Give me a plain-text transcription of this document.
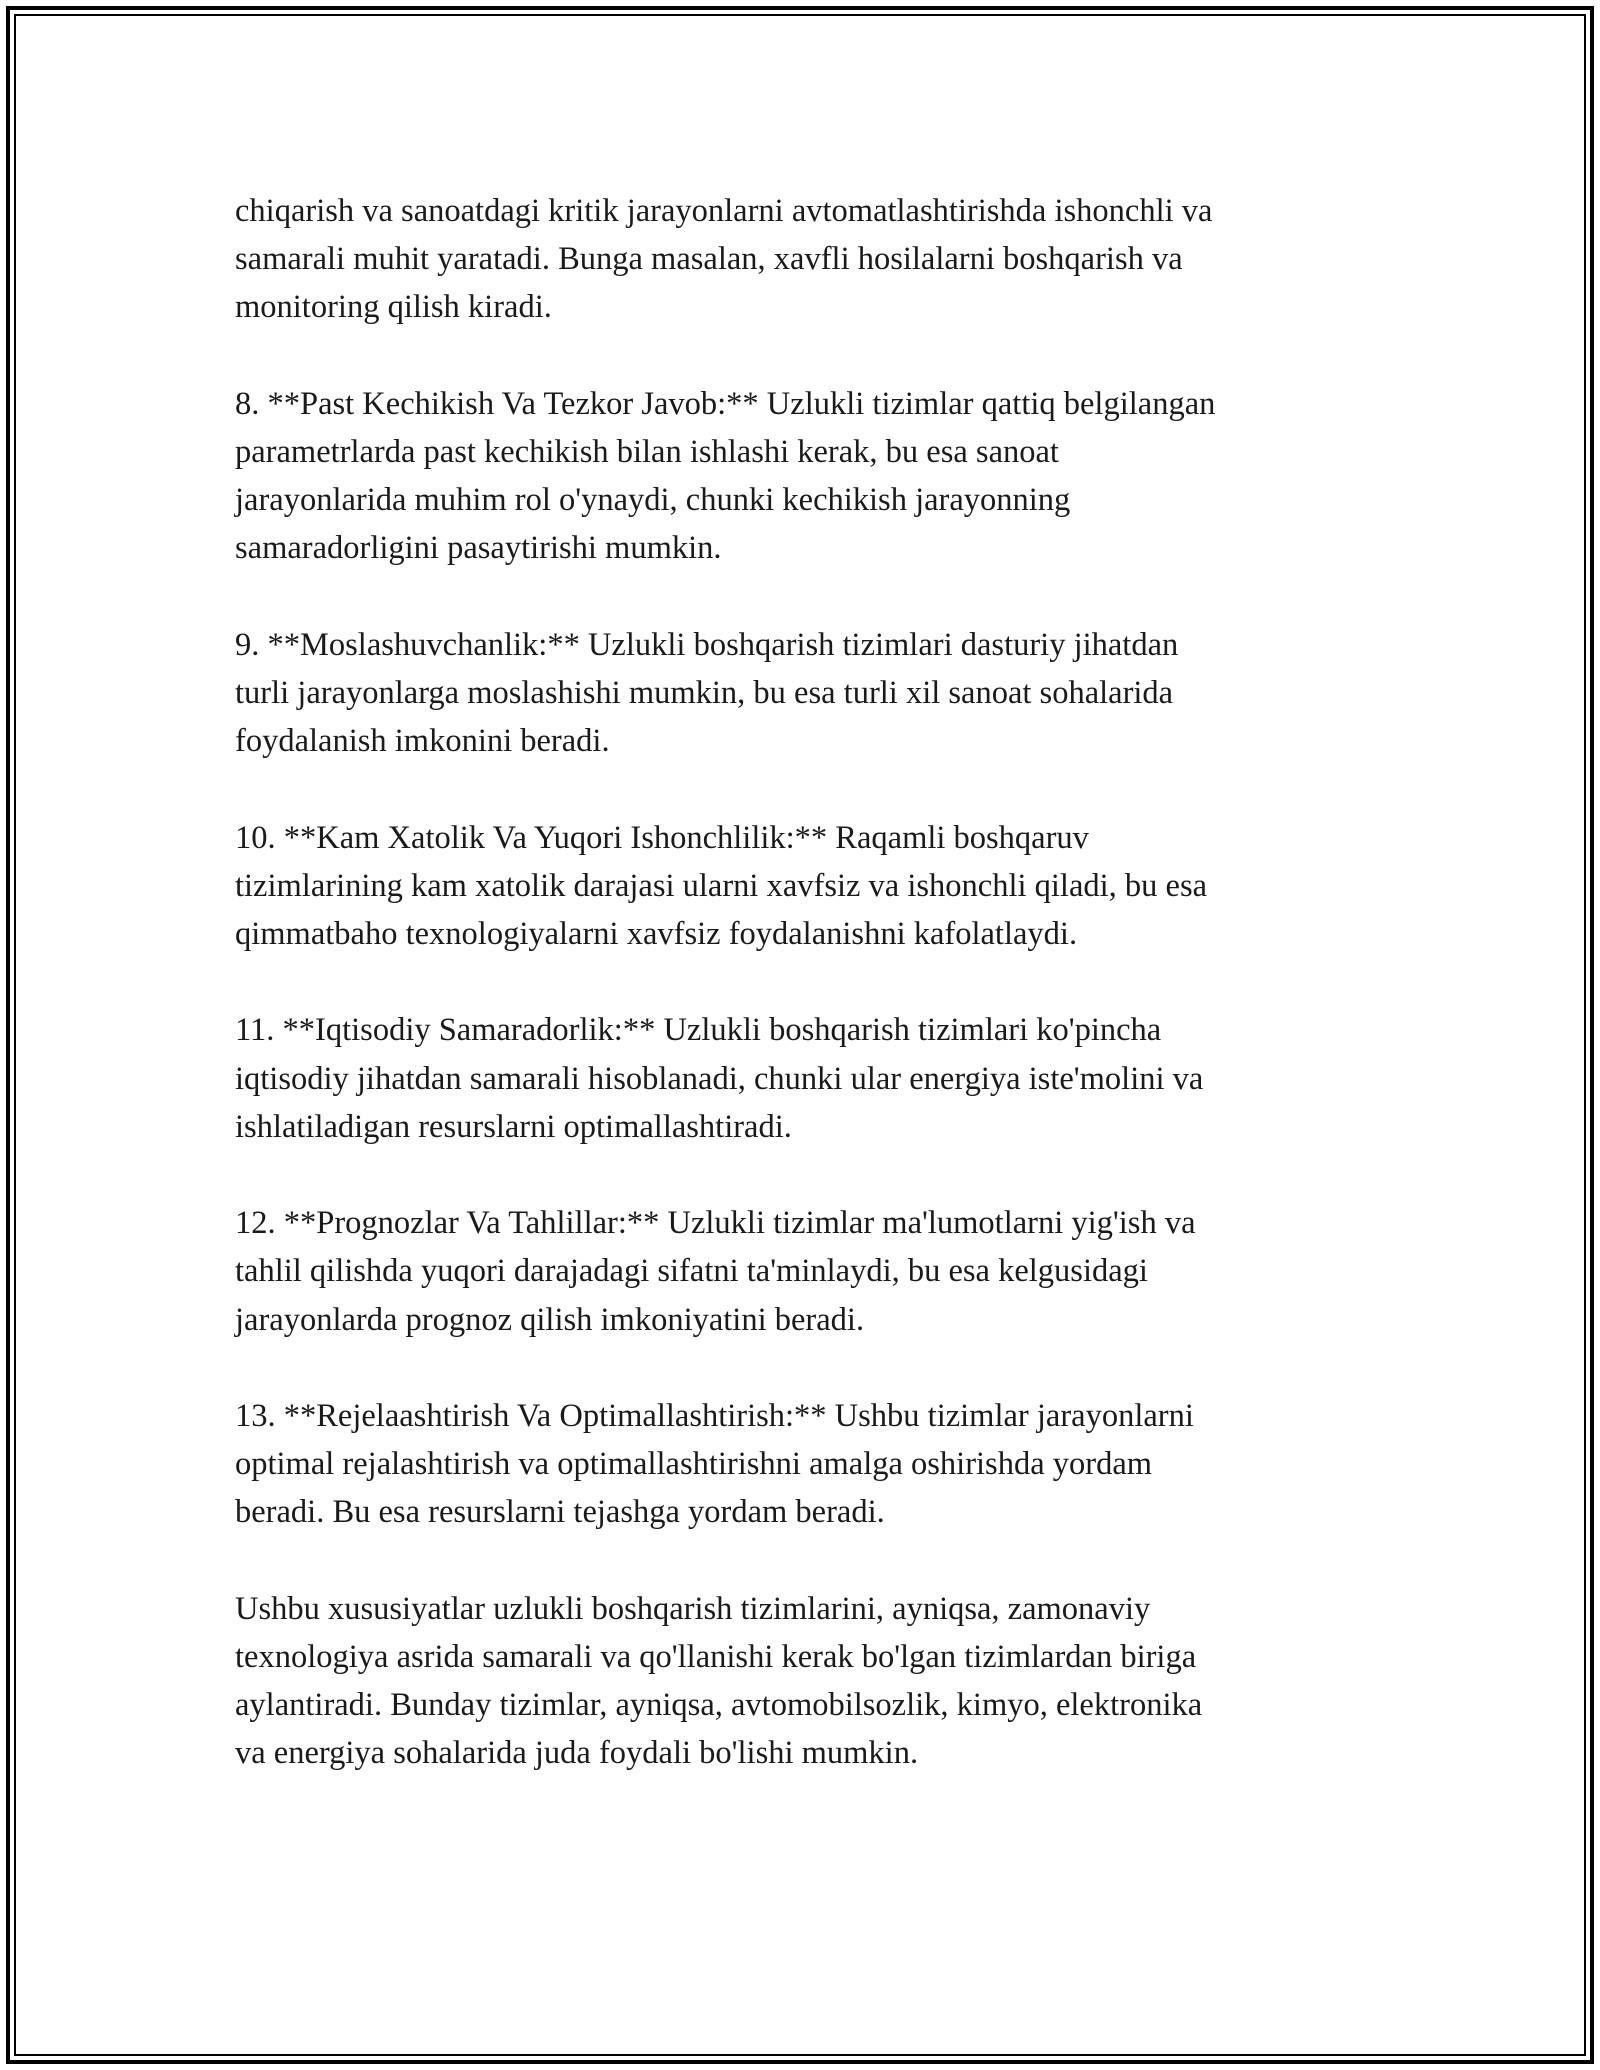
chiqarish va sanoatdagi kritik jarayonlarni avtomatlashtirishda ishonchli va
samarali muhit yaratadi. Bunga masalan, xavfli hosilalarni boshqarish va
monitoring qilish kiradi.

8. **Past Kechikish Va Tezkor Javob:** Uzlukli tizimlar qattiq belgilangan
parametrlarda past kechikish bilan ishlashi kerak, bu esa sanoat
jarayonlarida muhim rol o'ynaydi, chunki kechikish jarayonning
samaradorligini pasaytirishi mumkin.

9. **Moslashuvchanlik:** Uzlukli boshqarish tizimlari dasturiy jihatdan
turli jarayonlarga moslashishi mumkin, bu esa turli xil sanoat sohalarida
foydalanish imkonini beradi.

10. **Kam Xatolik Va Yuqori Ishonchlilik:** Raqamli boshqaruv
tizimlarining kam xatolik darajasi ularni xavfsiz va ishonchli qiladi, bu esa
qimmatbaho texnologiyalarni xavfsiz foydalanishni kafolatlaydi.

11. **Iqtisodiy Samaradorlik:** Uzlukli boshqarish tizimlari ko'pincha
iqtisodiy jihatdan samarali hisoblanadi, chunki ular energiya iste'molini va
ishlatiladigan resurslarni optimallashtiradi.

12. **Prognozlar Va Tahlillar:** Uzlukli tizimlar ma'lumotlarni yig'ish va
tahlil qilishda yuqori darajadagi sifatni ta'minlaydi, bu esa kelgusidagi
jarayonlarda prognoz qilish imkoniyatini beradi.

13. **Rejelaashtirish Va Optimallashtirish:** Ushbu tizimlar jarayonlarni
optimal rejalashtirish va optimallashtirishni amalga oshirishda yordam
beradi. Bu esa resurslarni tejashga yordam beradi.

Ushbu xususiyatlar uzlukli boshqarish tizimlarini, ayniqsa, zamonaviy
texnologiya asrida samarali va qo'llanishi kerak bo'lgan tizimlardan biriga
aylantiradi. Bunday tizimlar, ayniqsa, avtomobilsozlik, kimyo, elektronika
va energiya sohalarida juda foydali bo'lishi mumkin.
